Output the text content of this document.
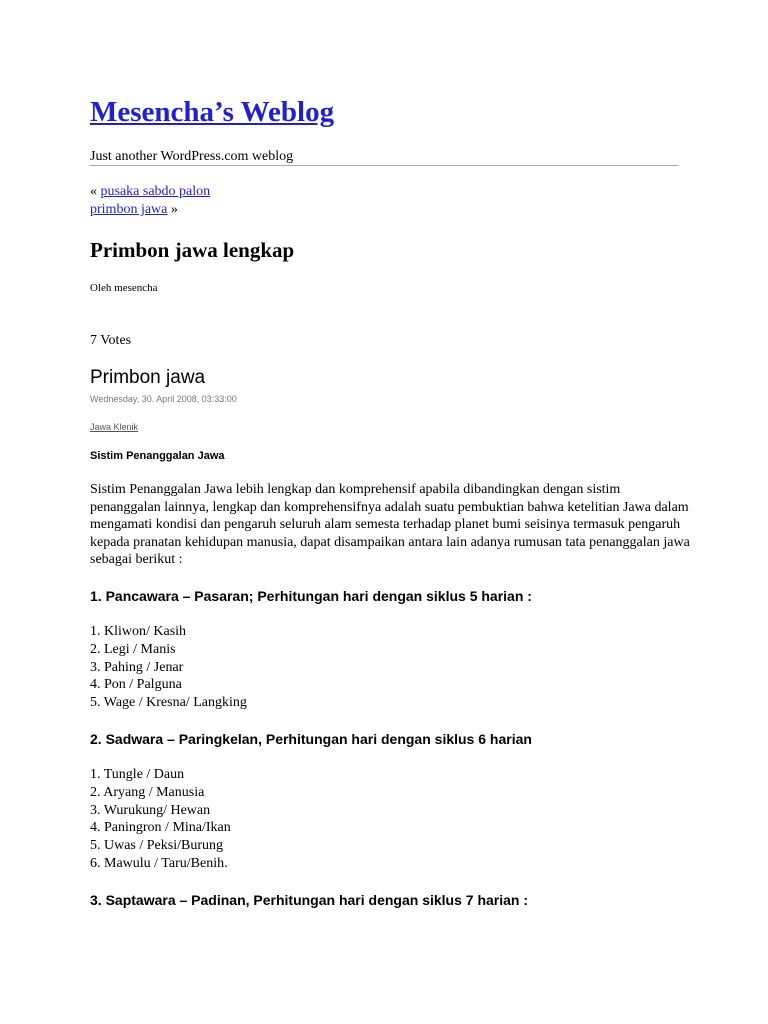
Mesencha’s Weblog

Just another WordPress.com weblog

« pusaka sabdo palon

primbon jawa »

Primbon jawa lengkap

Oleh mesencha

7 Votes

Primbon jawa

Wednesday, 30. April 2008, 03:33:00

Jawa Klenik

Sistim Penanggalan Jawa

Sistim Penanggalan Jawa lebih lengkap dan komprehensif apabila dibandingkan dengan sistim penanggalan lainnya, lengkap dan komprehensifnya adalah suatu pembuktian bahwa ketelitian Jawa dalam mengamati kondisi dan pengaruh seluruh alam semesta terhadap planet bumi seisinya termasuk pengaruh kepada pranatan kehidupan manusia, dapat disampaikan antara lain adanya rumusan tata penanggalan jawa sebagai berikut :

1. Pancawara – Pasaran; Perhitungan hari dengan siklus 5 harian :

1. Kliwon/ Kasih
2. Legi / Manis
3. Pahing / Jenar
4. Pon / Palguna
5. Wage / Kresna/ Langking

2. Sadwara – Paringkelan, Perhitungan hari dengan siklus 6 harian

1. Tungle / Daun
2. Aryang / Manusia
3. Wurukung/ Hewan
4. Paningron / Mina/Ikan
5. Uwas / Peksi/Burung
6. Mawulu / Taru/Benih.

3. Saptawara – Padinan, Perhitungan hari dengan siklus 7 harian :
